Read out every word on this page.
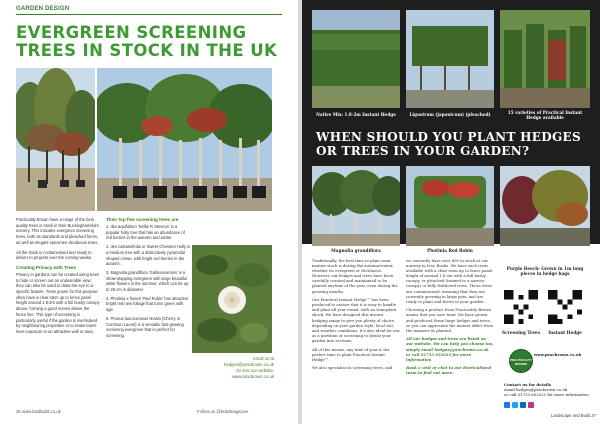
GARDEN DESIGN
EVERGREEN SCREENING
TREES IN STOCK IN THE UK

Practicality Brown have a range of the best quality trees in stock in their Buckinghamshire nursery. This includes evergreen screening trees, both as standards and pleached forms, as well as elegant specimen deciduous trees.

All the stock is containerised and ready to deliver to projects over the coming weeks.

Creating Privacy with Trees

Privacy in gardens can be created using trees to hide or screen out an undesirable view; they can also be used to draw the eye to a specific feature. Trees grown for this purpose often have a clear stem up to fence panel height around 1.8-2m with a full bushy canopy above, forming a good screen above the fence line. This type of screening is particularly useful if the garden is overlooked by neighbouring properties or to retain lower-level exposure to an attractive wall or area.

Their top five screening trees are
1. Ilex aquifolium 'Nellie R Stevens' is a popular holly tree that has an abundance of red berries in the autumn and winter.
2. Ilex castaneifolia or Sweet Chestnut Holly is a medium tree with a distinctively pyramidal shaped crown, with bright red berries in the autumn.
3. Magnolia grandiflora 'Gallissoniensis' is a show-stopping evergreen with large beautiful white flowers in the summer, which can be up to 25 cm in diameter.
4. Photinia x fraseri 'Red Robin' has attractive bright red new foliage that turns green with age.
5. Prunus laurocerasus Novita (Cherry or Common Laurel) is a versatile fast-growing screening evergreen that is perfect for screening.
email us at
hedges@pracbrown.co.uk
Or visit our website:
www.pracbrown.co.uk
26 www.landbuild.co.uk	Follow us @bulldmagazine
Native Mix: 1.8-2m Instant Hedge	Ligustrum (japonicum) (pleached)	15 varieties of Practical Instant Hedge available
WHEN SHOULD YOU PLANT HEDGES
OR TREES IN YOUR GARDEN?
Magnolia grandiflora	Photinia Red Robin
Purple Beech: Grown in 1m long pieces in hedge bags

Traditionally, the best time to plant semi-mature stock is during the autumn/winter, whether its evergreen or deciduous. However, our hedges and trees have been carefully curated and maintained to be planted anytime of the year, even during the growing months.

Our Practical Instant Hedge™ has been produced to ensure that it is easy to handle and plant all year round, with no transplant shock. We have designed this instant hedging range to give you plenty of choice, depending on your garden style, local soil, and weather conditions. It's also ideal for use as a partition or screening to divide your garden into sections.

All of this means, any time of year is the perfect time to plant Practical Instant Hedge™.

We also specialise in screening trees, and

we currently have over 800 in stock at our nursery in Iver, Bucks. We have such trees available with a clear stem up to fence panel height of around 1.8-2m with a full bushy canopy, or pleached (trained to a narrow canopy) or fully feathered trees. These trees are containerised, meaning that they are currently growing in large pots, and are ready to plant and thrive in your garden.

Choosing a product from Practicality Brown means that you save time! We have grown and produced these large hedges and trees, so you can appreciate the mature effect from the moment its planted.

All our hedges and trees are listed on our website. We can help you choose too, simply email hedges@pracbrown.co.uk or call 01753 652022 for more information

Book a visit or chat to our Horticultural team to find out more.

Screening Trees	Instant Hedge
PRACTICALITY BROWN
www.pracbrown.co.uk
Contact us for details
email hedges@pracbrown.co.uk
or call 01753 652022 for more information
Landscape and Build 27
